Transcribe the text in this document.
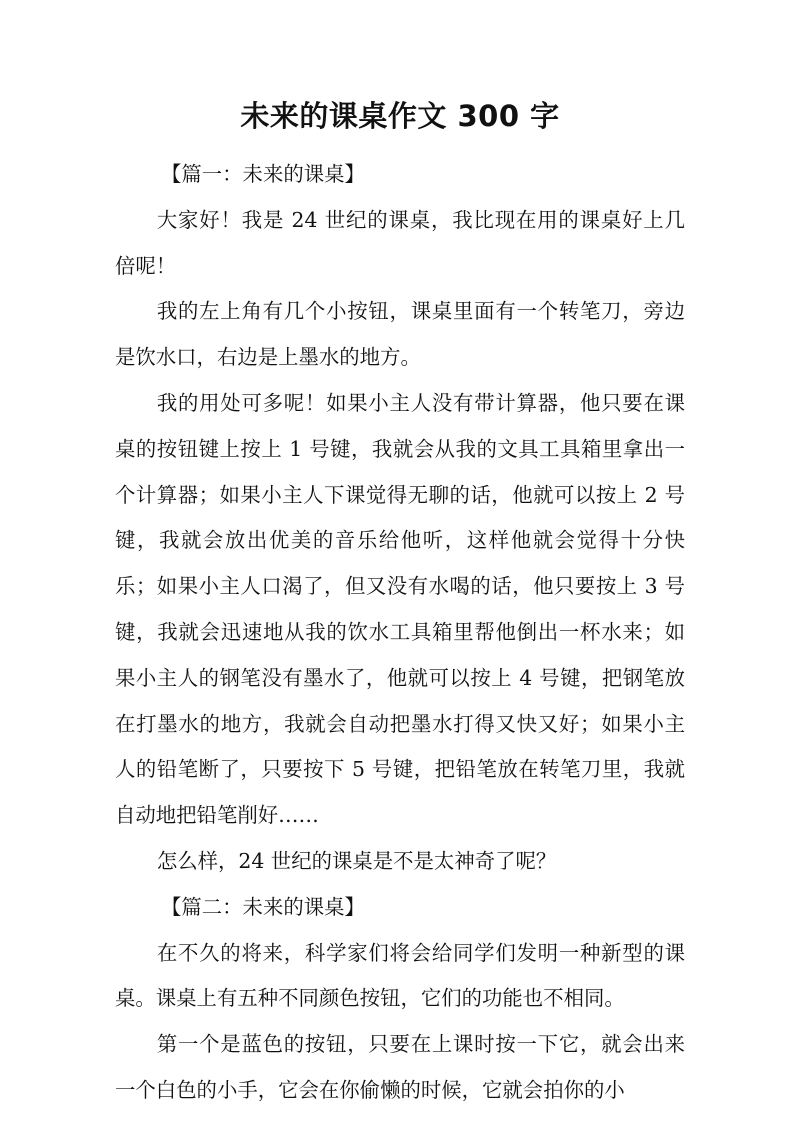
未来的课桌作文 300 字

【篇一：未来的课桌】

大家好！我是 24 世纪的课桌，我比现在用的课桌好上几倍呢！

我的左上角有几个小按钮，课桌里面有一个转笔刀，旁边是饮水口，右边是上墨水的地方。

我的用处可多呢！如果小主人没有带计算器，他只要在课桌的按钮键上按上 1 号键，我就会从我的文具工具箱里拿出一个计算器；如果小主人下课觉得无聊的话，他就可以按上 2 号键，我就会放出优美的音乐给他听，这样他就会觉得十分快乐；如果小主人口渴了，但又没有水喝的话，他只要按上 3 号键，我就会迅速地从我的饮水工具箱里帮他倒出一杯水来；如果小主人的钢笔没有墨水了，他就可以按上 4 号键，把钢笔放在打墨水的地方，我就会自动把墨水打得又快又好；如果小主人的铅笔断了，只要按下 5 号键，把铅笔放在转笔刀里，我就自动地把铅笔削好……

怎么样，24 世纪的课桌是不是太神奇了呢？

【篇二：未来的课桌】

在不久的将来，科学家们将会给同学们发明一种新型的课桌。课桌上有五种不同颜色按钮，它们的功能也不相同。

第一个是蓝色的按钮，只要在上课时按一下它，就会出来一个白色的小手，它会在你偷懒的时候，它就会拍你的小
